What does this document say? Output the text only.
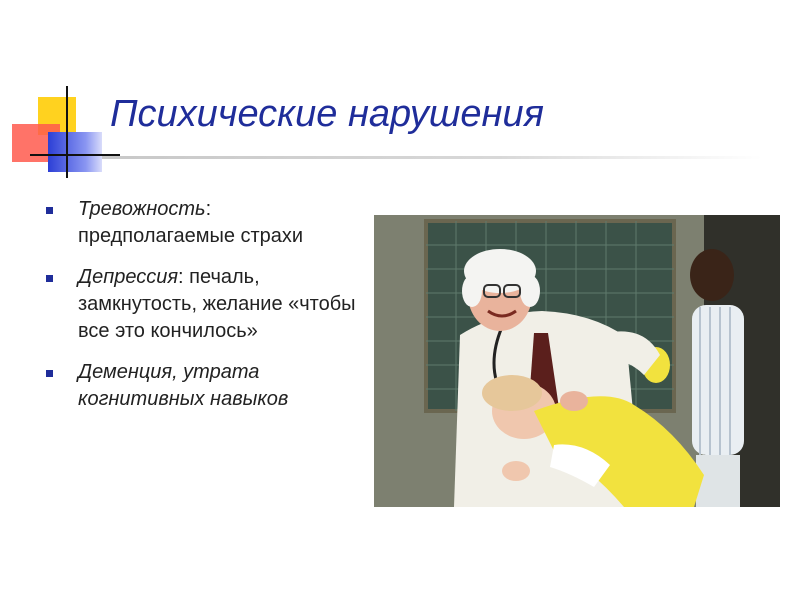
Психические нарушения
Тревожность: предполагаемые страхи
Депрессия: печаль, замкнутость, желание «чтобы все это кончилось»
Деменция, утрата когнитивных навыков
